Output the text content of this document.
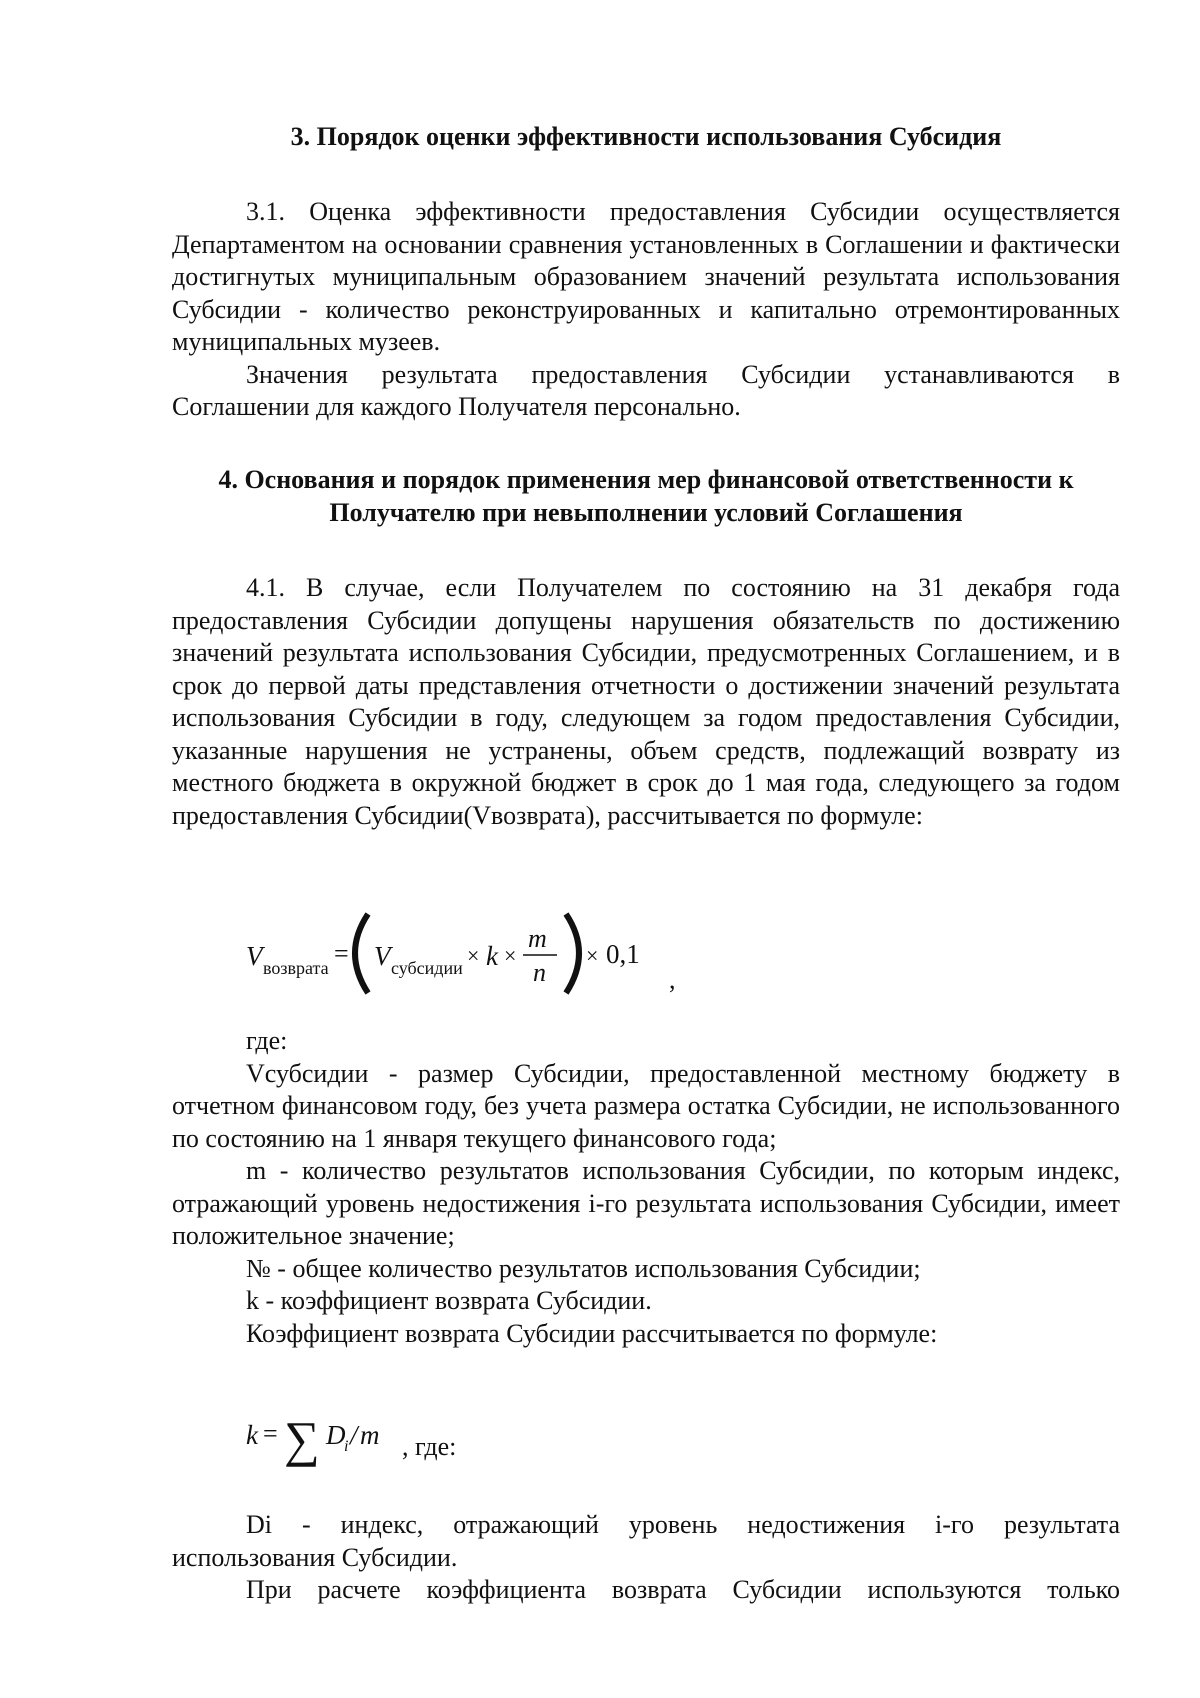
3. Порядок оценки эффективности использования Субсидия

3.1. Оценка эффективности предоставления Субсидии осуществляется Департаментом на основании сравнения установленных в Соглашении и фактически достигнутых муниципальным образованием значений результата использования Субсидии - количество реконструированных и капитально отремонтированных муниципальных музеев.

Значения результата предоставления Субсидии устанавливаются в Соглашении для каждого Получателя персонально.

4. Основания и порядок применения мер финансовой ответственности к
Получателю при невыполнении условий Соглашения

4.1. В случае, если Получателем по состоянию на 31 декабря года предоставления Субсидии допущены нарушения обязательств по достижению значений результата использования Субсидии, предусмотренных Соглашением, и в срок до первой даты представления отчетности о достижении значений результата использования Субсидии в году, следующем за годом предоставления Субсидии, указанные нарушения не устранены, объем средств, подлежащий возврату из местного бюджета в окружной бюджет в срок до 1 мая года, следующего за годом предоставления Субсидии(Vвозврата), рассчитывается по формуле:

V возврата = V субсидии × k ×
m
n
× 0,1
,

где:

Vсубсидии - размер Субсидии, предоставленной местному бюджету в отчетном финансовом году, без учета размера остатка Субсидии, не использованного по состоянию на 1 января текущего финансового года;

m - количество результатов использования Субсидии, по которым индекс, отражающий уровень недостижения i-го результата использования Субсидии, имеет положительное значение;

№ - общее количество результатов использования Субсидии;

k - коэффициент возврата Субсидии.

Коэффициент возврата Субсидии рассчитывается по формуле:

k = ∑ D
i / m , где:

Di - индекс, отражающий уровень недостижения i-го результата использования Субсидии.

При расчете коэффициента возврата Субсидии используются только
